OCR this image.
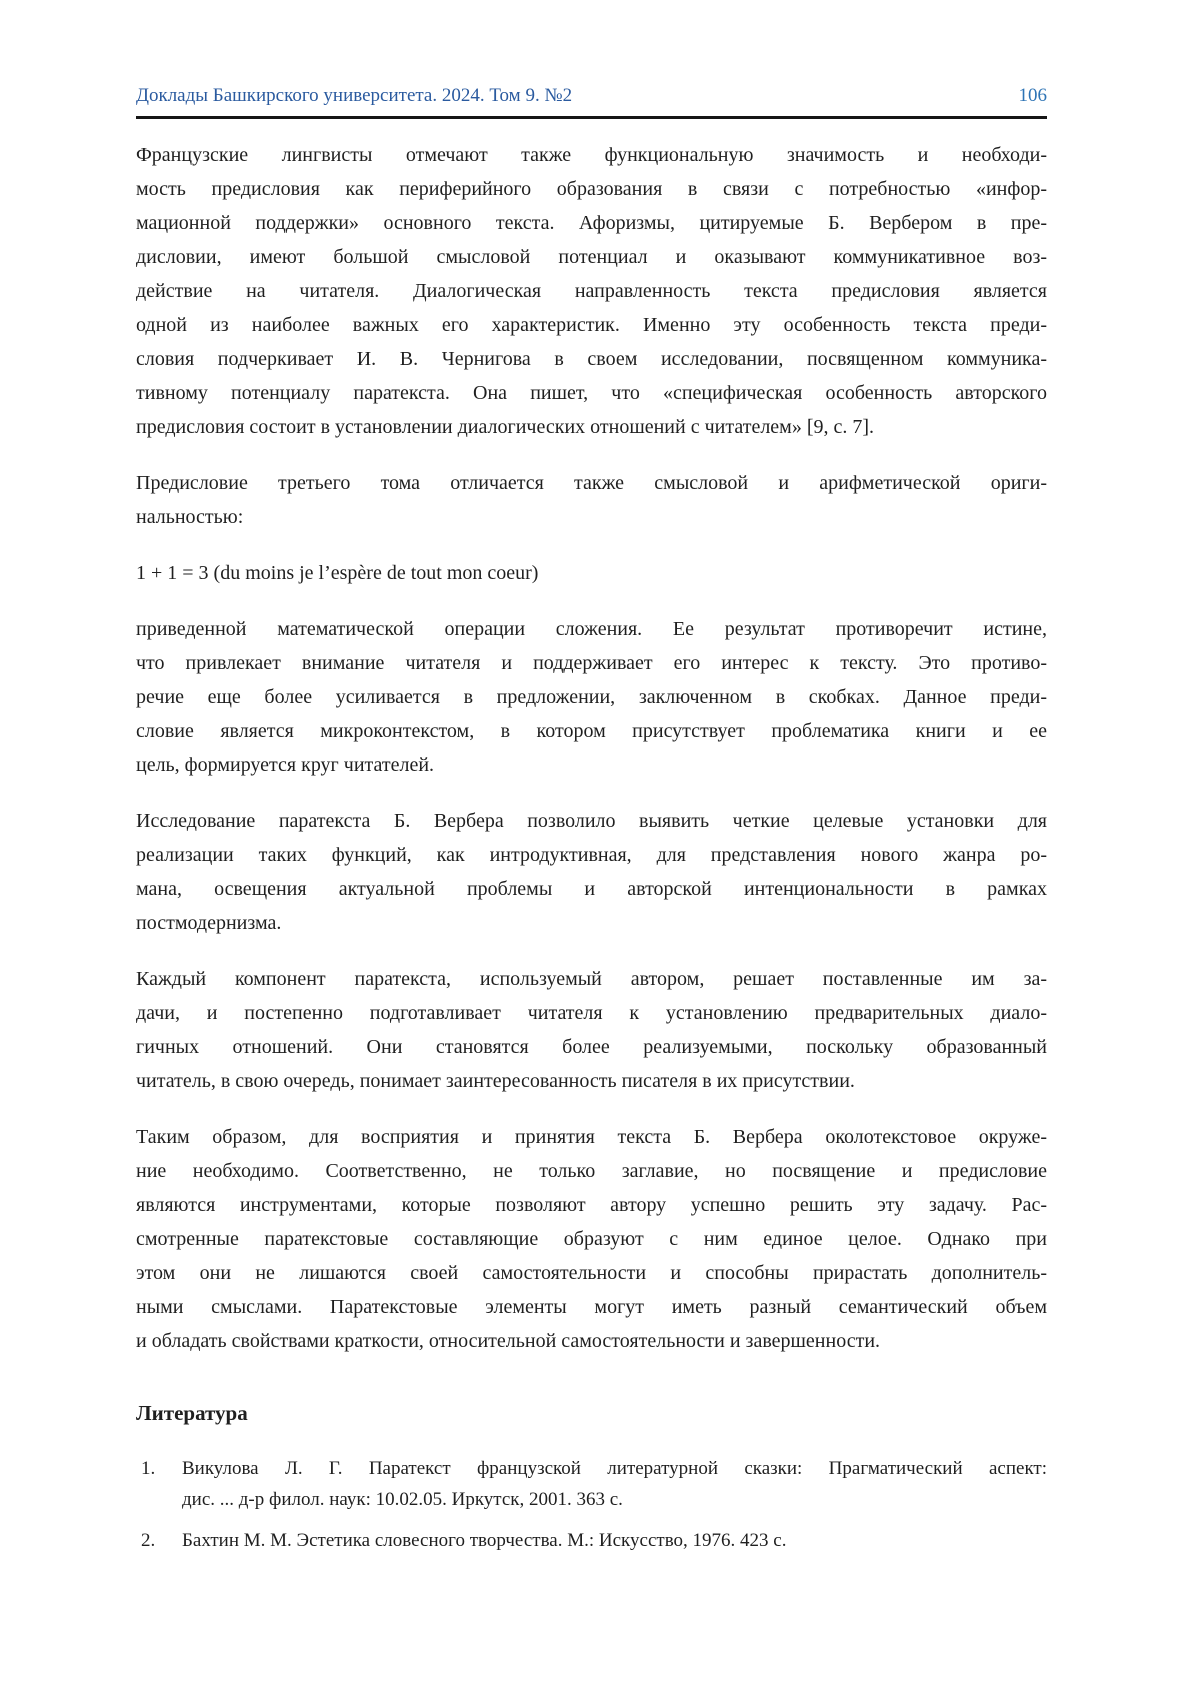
Доклады Башкирского университета. 2024. Том 9. №2	106
Французские лингвисты отмечают также функциональную значимость и необходи-
мость предисловия как периферийного образования в связи с потребностью «инфор-
мационной поддержки» основного текста. Афоризмы, цитируемые Б. Вербером в пре-
дисловии, имеют большой смысловой потенциал и оказывают коммуникативное воз-
действие на читателя. Диалогическая направленность текста предисловия является
одной из наиболее важных его характеристик. Именно эту особенность текста преди-
словия подчеркивает И. В. Чернигова в своем исследовании, посвященном коммуника-
тивному потенциалу паратекста. Она пишет, что «специфическая особенность авторского
предисловия состоит в установлении диалогических отношений с читателем» [9, с. 7].
Предисловие третьего тома отличается также смысловой и арифметической ориги-
нальностью:
1 + 1 = 3 (du moins je l’espère de tout mon coeur)
приведенной математической операции сложения. Ее результат противоречит истине,
что привлекает внимание читателя и поддерживает его интерес к тексту. Это противо-
речие еще более усиливается в предложении, заключенном в скобках. Данное преди-
словие является микроконтекстом, в котором присутствует проблематика книги и ее
цель, формируется круг читателей.
Исследование паратекста Б. Вербера позволило выявить четкие целевые установки для
реализации таких функций, как интродуктивная, для представления нового жанра ро-
мана, освещения актуальной проблемы и авторской интенциональности в рамках
постмодернизма.
Каждый компонент паратекста, используемый автором, решает поставленные им за-
дачи, и постепенно подготавливает читателя к установлению предварительных диало-
гичных отношений. Они становятся более реализуемыми, поскольку образованный
читатель, в свою очередь, понимает заинтересованность писателя в их присутствии.
Таким образом, для восприятия и принятия текста Б. Вербера околотекстовое окруже-
ние необходимо. Соответственно, не только заглавие, но посвящение и предисловие
являются инструментами, которые позволяют автору успешно решить эту задачу. Рас-
смотренные паратекстовые составляющие образуют с ним единое целое. Однако при
этом они не лишаются своей самостоятельности и способны прирастать дополнитель-
ными смыслами. Паратекстовые элементы могут иметь разный семантический объем
и обладать свойствами краткости, относительной самостоятельности и завершенности.
Литература
1.	Викулова Л. Г. Паратекст французской литературной сказки: Прагматический аспект:
дис. ... д-р филол. наук: 10.02.05. Иркутск, 2001. 363 с.
2.	Бахтин М. М. Эстетика словесного творчества. М.: Искусство, 1976. 423 с.
